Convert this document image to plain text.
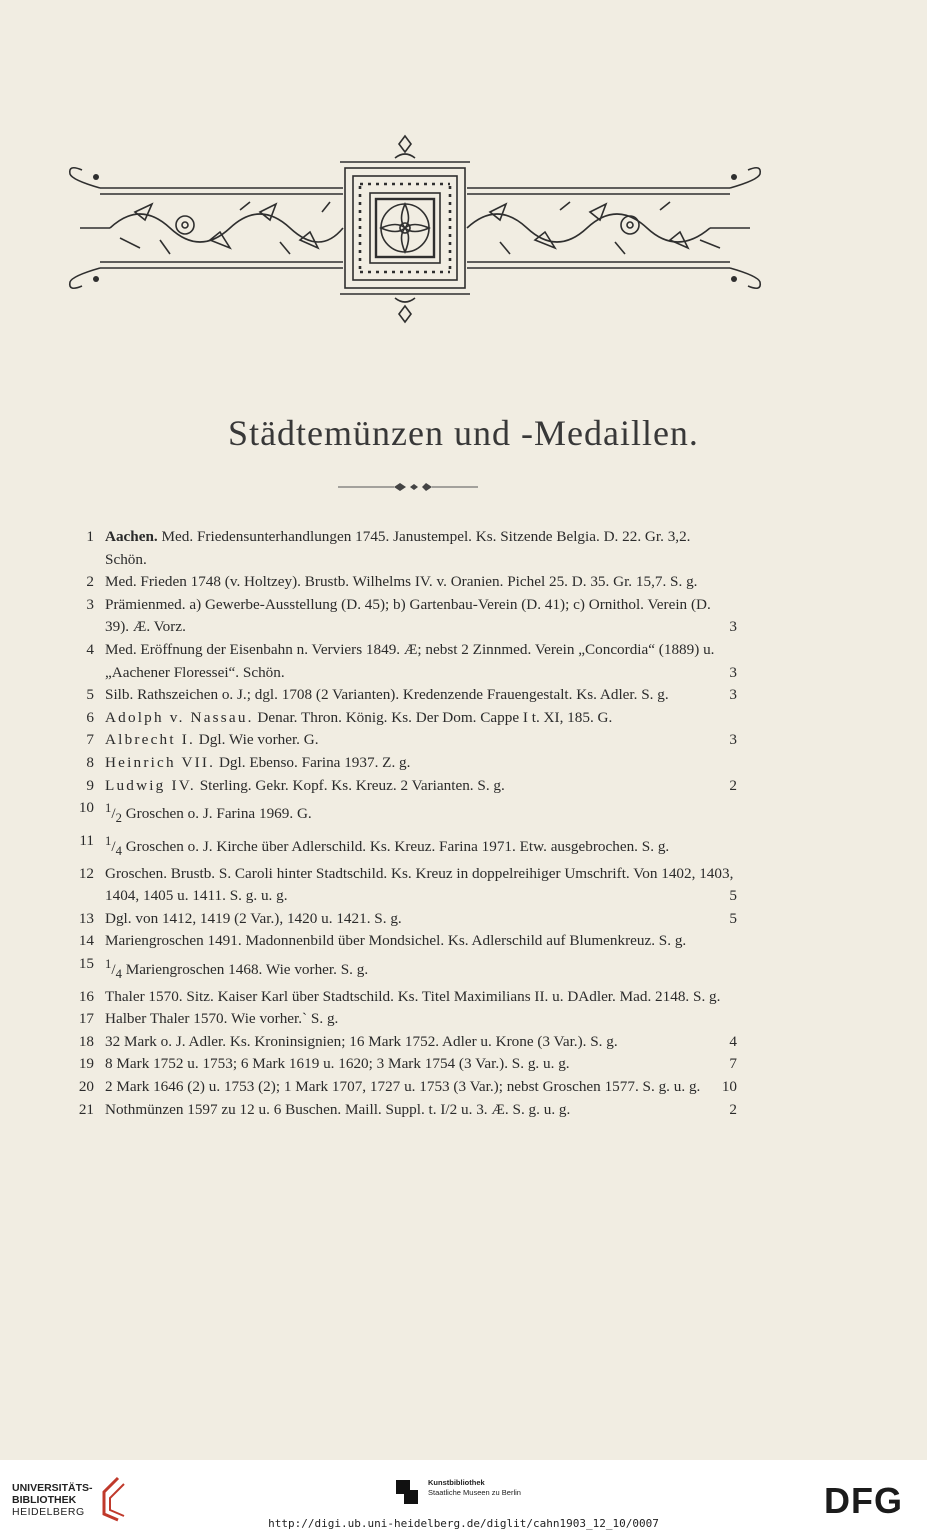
Städtemünzen und -Medaillen.
1 Aachen. Med. Friedensunterhandlungen 1745. Janustempel. Ks. Sitzende Belgia. D. 22. Gr. 3,2. Schön.
2 Med. Frieden 1748 (v. Holtzey). Brustb. Wilhelms IV. v. Oranien. Pichel 25. D. 35. Gr. 15,7. S. g.
3 Prämienmed. a) Gewerbe-Ausstellung (D. 45); b) Gartenbau-Verein (D. 41); c) Ornithol. Verein (D. 39). Æ. Vorz.	3
4 Med. Eröffnung der Eisenbahn n. Verviers 1849. Æ; nebst 2 Zinnmed. Verein „Concordia“ (1889) u. „Aachener Floressei“. Schön.	3
5 Silb. Rathszeichen o. J.; dgl. 1708 (2 Varianten). Kredenzende Frauengestalt. Ks. Adler. S. g.	3
6 Adolph v. Nassau. Denar. Thron. König. Ks. Der Dom. Cappe I t. XI, 185. G.
7 Albrecht I. Dgl. Wie vorher. G.	3
8 Heinrich VII. Dgl. Ebenso. Farina 1937. Z. g.
9 Ludwig IV. Sterling. Gekr. Kopf. Ks. Kreuz. 2 Varianten. S. g.	2
10 $^1/_2$ Groschen o. J. Farina 1969. G.
11 $^1/_4$ Groschen o. J. Kirche über Adlerschild. Ks. Kreuz. Farina 1971. Etw. ausgebrochen. S. g.
12 Groschen. Brustb. S. Caroli hinter Stadtschild. Ks. Kreuz in doppelreihiger Umschrift. Von 1402, 1403, 1404, 1405 u. 1411. S. g. u. g.	5
13 Dgl. von 1412, 1419 (2 Var.), 1420 u. 1421. S. g.	5
14 Mariengroschen 1491. Madonnenbild über Mondsichel. Ks. Adlerschild auf Blumenkreuz. S. g.
15 $^1/_4$ Mariengroschen 1468. Wie vorher. S. g.
16 Thaler 1570. Sitz. Kaiser Karl über Stadtschild. Ks. Titel Maximilians II. u. DAdler. Mad. 2148. S. g.
17 Halber Thaler 1570. Wie vorher.` S. g.
18 32 Mark o. J. Adler. Ks. Kroninsignien; 16 Mark 1752. Adler u. Krone (3 Var.). S. g.	4
19 8 Mark 1752 u. 1753; 6 Mark 1619 u. 1620; 3 Mark 1754 (3 Var.). S. g. u. g.	7
20 2 Mark 1646 (2) u. 1753 (2); 1 Mark 1707, 1727 u. 1753 (3 Var.); nebst Groschen 1577. S. g. u. g.	10
21 Nothmünzen 1597 zu 12 u. 6 Buschen. Maill. Suppl. t. I/2 u. 3. Æ. S. g. u. g.	2
UNIVERSITÄTS-
BIBLIOTHEK
HEIDELBERG
Kunstbibliothek
Staatliche Museen zu Berlin	DFG
http://digi.ub.uni-heidelberg.de/diglit/cahn1903_12_10/0007
